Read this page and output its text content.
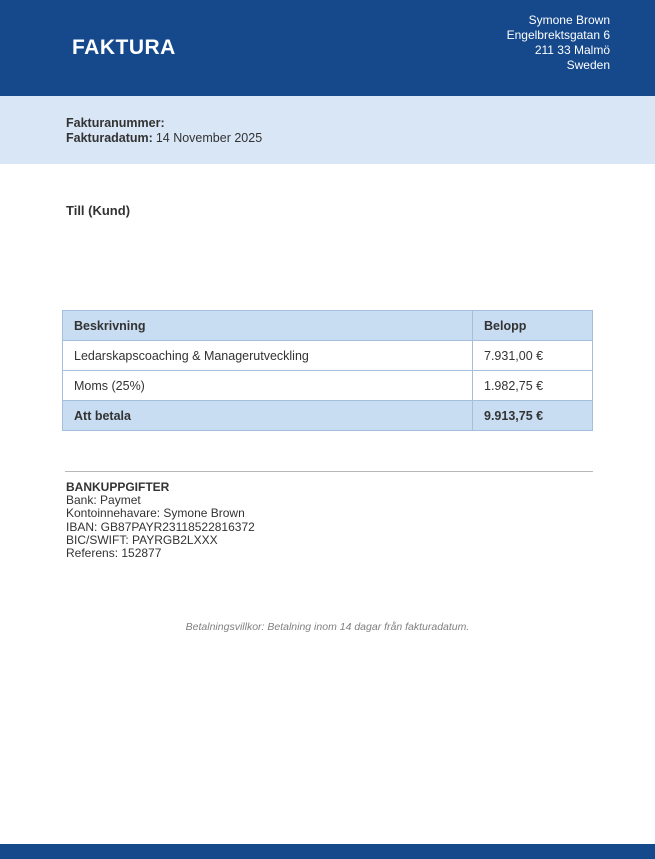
FAKTURA
Symone Brown
Engelbrektsgatan 6
211 33 Malmö
Sweden
Fakturanummer:
Fakturadatum: 14 November 2025
Till (Kund)
Beskrivning	Belopp
Ledarskapscoaching & Managerutveckling	7.931,00 €
Moms (25%)	1.982,75 €
Att betala	9.913,75 €
BANKUPPGIFTER
Bank: Paymet
Kontoinnehavare: Symone Brown
IBAN: GB87PAYR23118522816372
BIC/SWIFT: PAYRGB2LXXX
Referens: 152877
Betalningsvillkor: Betalning inom 14 dagar från fakturadatum.
